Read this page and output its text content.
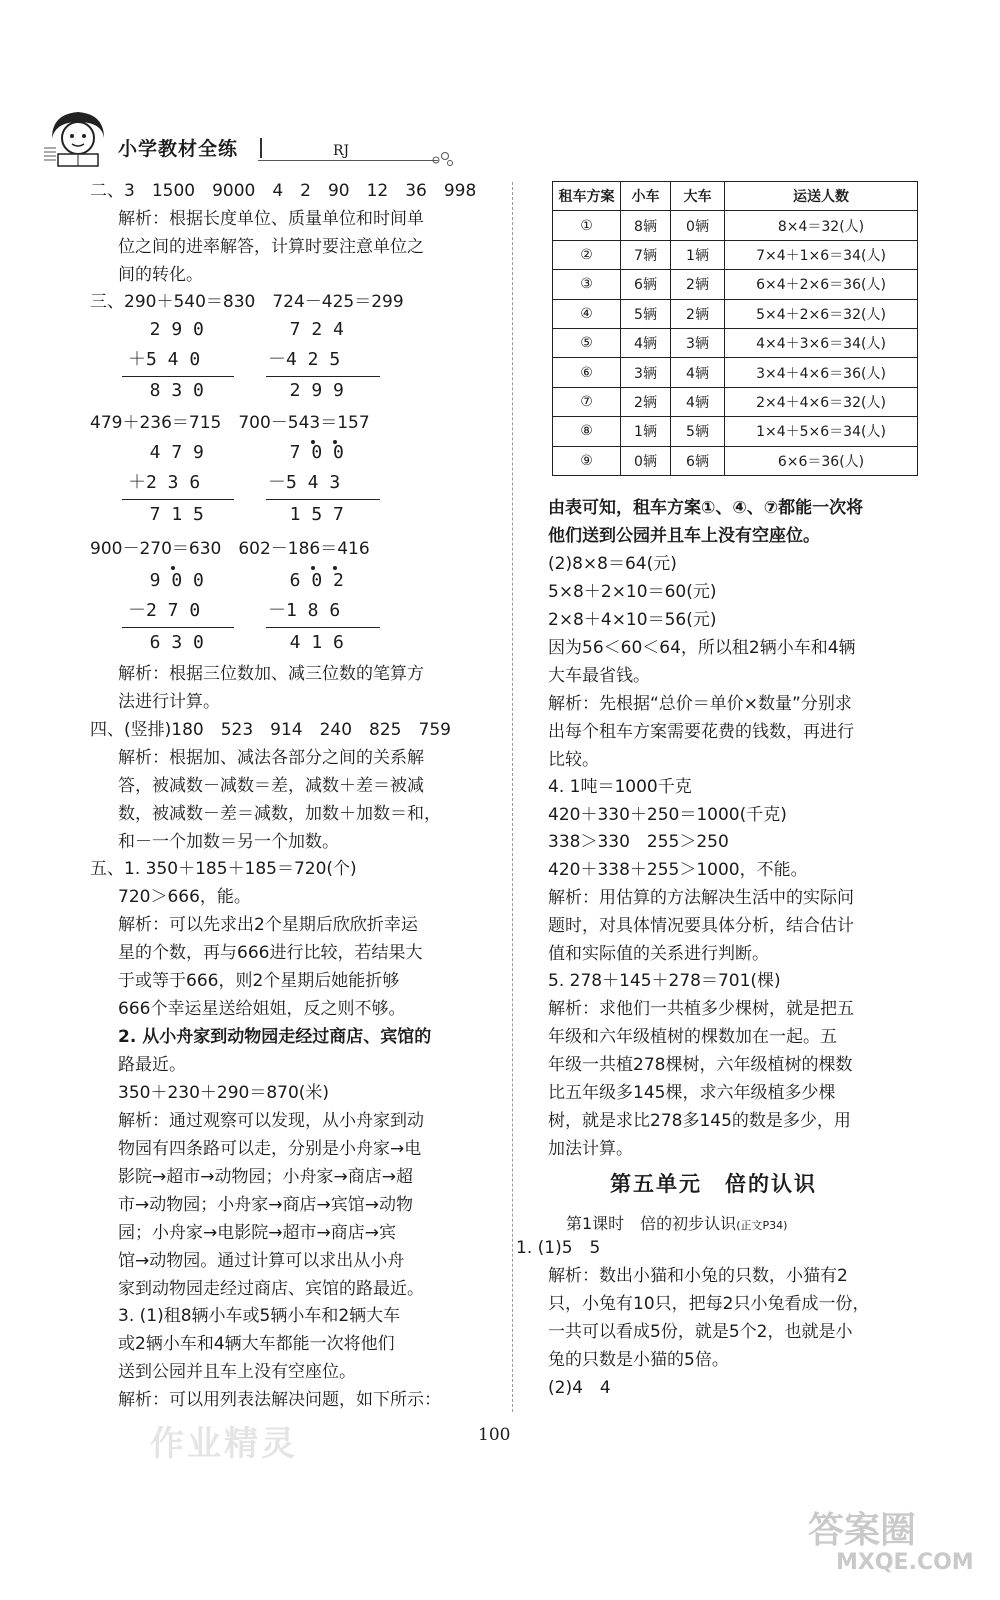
小学教材全练	RJ
二、3　1500　9000　4　2　90　12　36　998
解析：根据长度单位、质量单位和时间单
位之间的进率解答，计算时要注意单位之
间的转化。
三、290＋540＝830　724－425＝299
2 9 0
＋5 4 0
8 3 0
7 2 4
－4 2 5
2 9 9
479＋236＝715　700－543＝157
4 7 9
＋2 3 6
7 1 5
7 0 0
－5 4 3
1 5 7
900－270＝630　602－186＝416
9 0 0
－2 7 0
6 3 0
6 0 2
－1 8 6
4 1 6
解析：根据三位数加、减三位数的笔算方
法进行计算。
四、(竖排)180　523　914　240　825　759
解析：根据加、减法各部分之间的关系解
答，被减数－减数＝差，减数＋差＝被减
数，被减数－差＝减数，加数＋加数＝和，
和－一个加数＝另一个加数。
五、1. 350＋185＋185＝720(个)
720＞666，能。
解析：可以先求出2个星期后欣欣折幸运
星的个数，再与666进行比较，若结果大
于或等于666，则2个星期后她能折够
666个幸运星送给姐姐，反之则不够。
2. 从小舟家到动物园走经过商店、宾馆的
路最近。
350＋230＋290＝870(米)
解析：通过观察可以发现，从小舟家到动
物园有四条路可以走，分别是小舟家→电
影院→超市→动物园；小舟家→商店→超
市→动物园；小舟家→商店→宾馆→动物
园；小舟家→电影院→超市→商店→宾
馆→动物园。通过计算可以求出从小舟
家到动物园走经过商店、宾馆的路最近。
3. (1)租8辆小车或5辆小车和2辆大车
或2辆小车和4辆大车都能一次将他们
送到公园并且车上没有空座位。
解析：可以用列表法解决问题，如下所示：
租车方案	小车	大车	运送人数
①	8辆	0辆	8×4＝32(人)
②	7辆	1辆	7×4＋1×6＝34(人)
③	6辆	2辆	6×4＋2×6＝36(人)
④	5辆	2辆	5×4＋2×6＝32(人)
⑤	4辆	3辆	4×4＋3×6＝34(人)
⑥	3辆	4辆	3×4＋4×6＝36(人)
⑦	2辆	4辆	2×4＋4×6＝32(人)
⑧	1辆	5辆	1×4＋5×6＝34(人)
⑨	0辆	6辆	6×6＝36(人)
由表可知，租车方案①、④、⑦都能一次将
他们送到公园并且车上没有空座位。
(2)8×8＝64(元)
5×8＋2×10＝60(元)
2×8＋4×10＝56(元)
因为56＜60＜64，所以租2辆小车和4辆
大车最省钱。
解析：先根据“总价＝单价×数量”分别求
出每个租车方案需要花费的钱数，再进行
比较。
4. 1吨＝1000千克
420＋330＋250＝1000(千克)
338＞330　255＞250
420＋338＋255＞1000，不能。
解析：用估算的方法解决生活中的实际问
题时，对具体情况要具体分析，结合估计
值和实际值的关系进行判断。
5. 278＋145＋278＝701(棵)
解析：求他们一共植多少棵树，就是把五
年级和六年级植树的棵数加在一起。五
年级一共植278棵树，六年级植树的棵数
比五年级多145棵，求六年级植多少棵
树，就是求比278多145的数是多少，用
加法计算。
第五单元　倍的认识
第1课时　倍的初步认识(正文P34)
1. (1)5　5
解析：数出小猫和小兔的只数，小猫有2
只，小兔有10只，把每2只小兔看成一份，
一共可以看成5份，就是5个2，也就是小
兔的只数是小猫的5倍。
(2)4　4
100
作业精灵
答案圈
MXQE.COM
